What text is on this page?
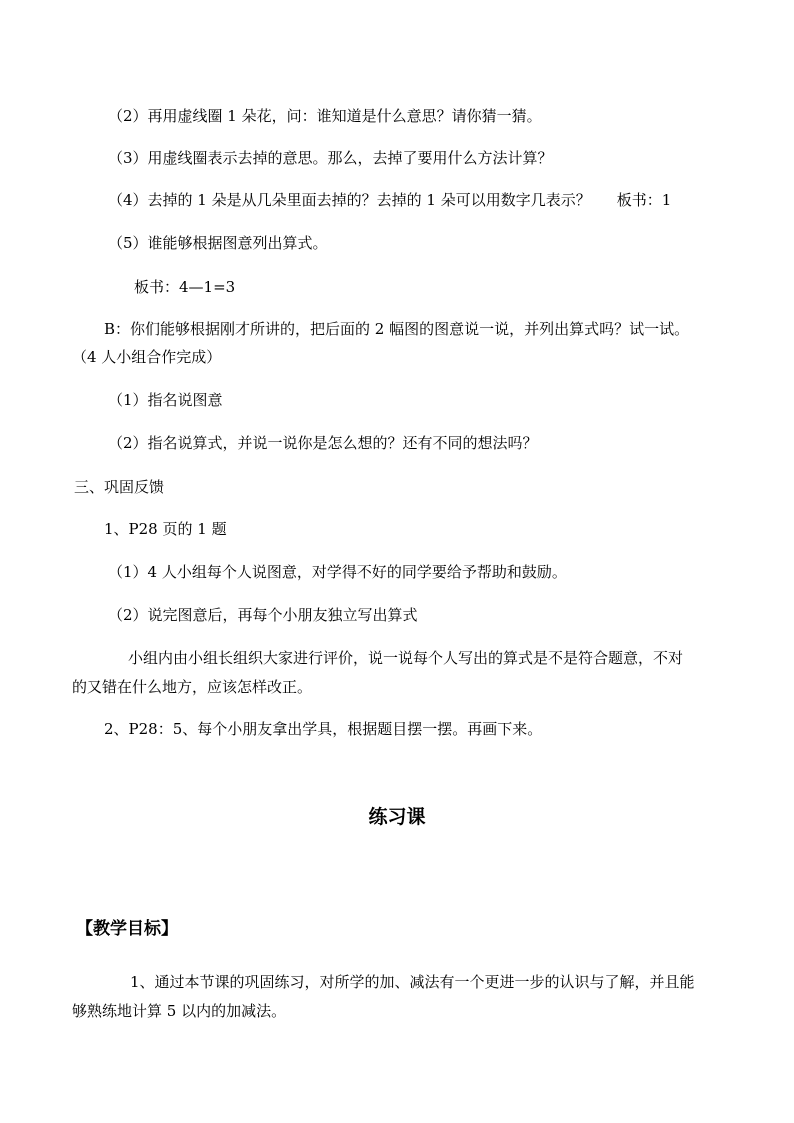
（2）再用虚线圈 1 朵花，问：谁知道是什么意思？请你猜一猜。
（3）用虚线圈表示去掉的意思。那么，去掉了要用什么方法计算？
（4）去掉的 1 朵是从几朵里面去掉的？去掉的 1 朵可以用数字几表示？ 板书：1
（5）谁能够根据图意列出算式。
板书：4—1=3
B：你们能够根据刚才所讲的，把后面的 2 幅图的图意说一说，并列出算式吗？试一试。
（4 人小组合作完成）
（1）指名说图意
（2）指名说算式，并说一说你是怎么想的？还有不同的想法吗？
三、巩固反馈
1、P28 页的 1 题
（1）4 人小组每个人说图意，对学得不好的同学要给予帮助和鼓励。
（2）说完图意后，再每个小朋友独立写出算式
小组内由小组长组织大家进行评价，说一说每个人写出的算式是不是符合题意，不对
的又错在什么地方，应该怎样改正。
2、P28：5、每个小朋友拿出学具，根据题目摆一摆。再画下来。
练习课
【教学目标】
1、通过本节课的巩固练习，对所学的加、减法有一个更进一步的认识与了解，并且能
够熟练地计算 5 以内的加减法。
